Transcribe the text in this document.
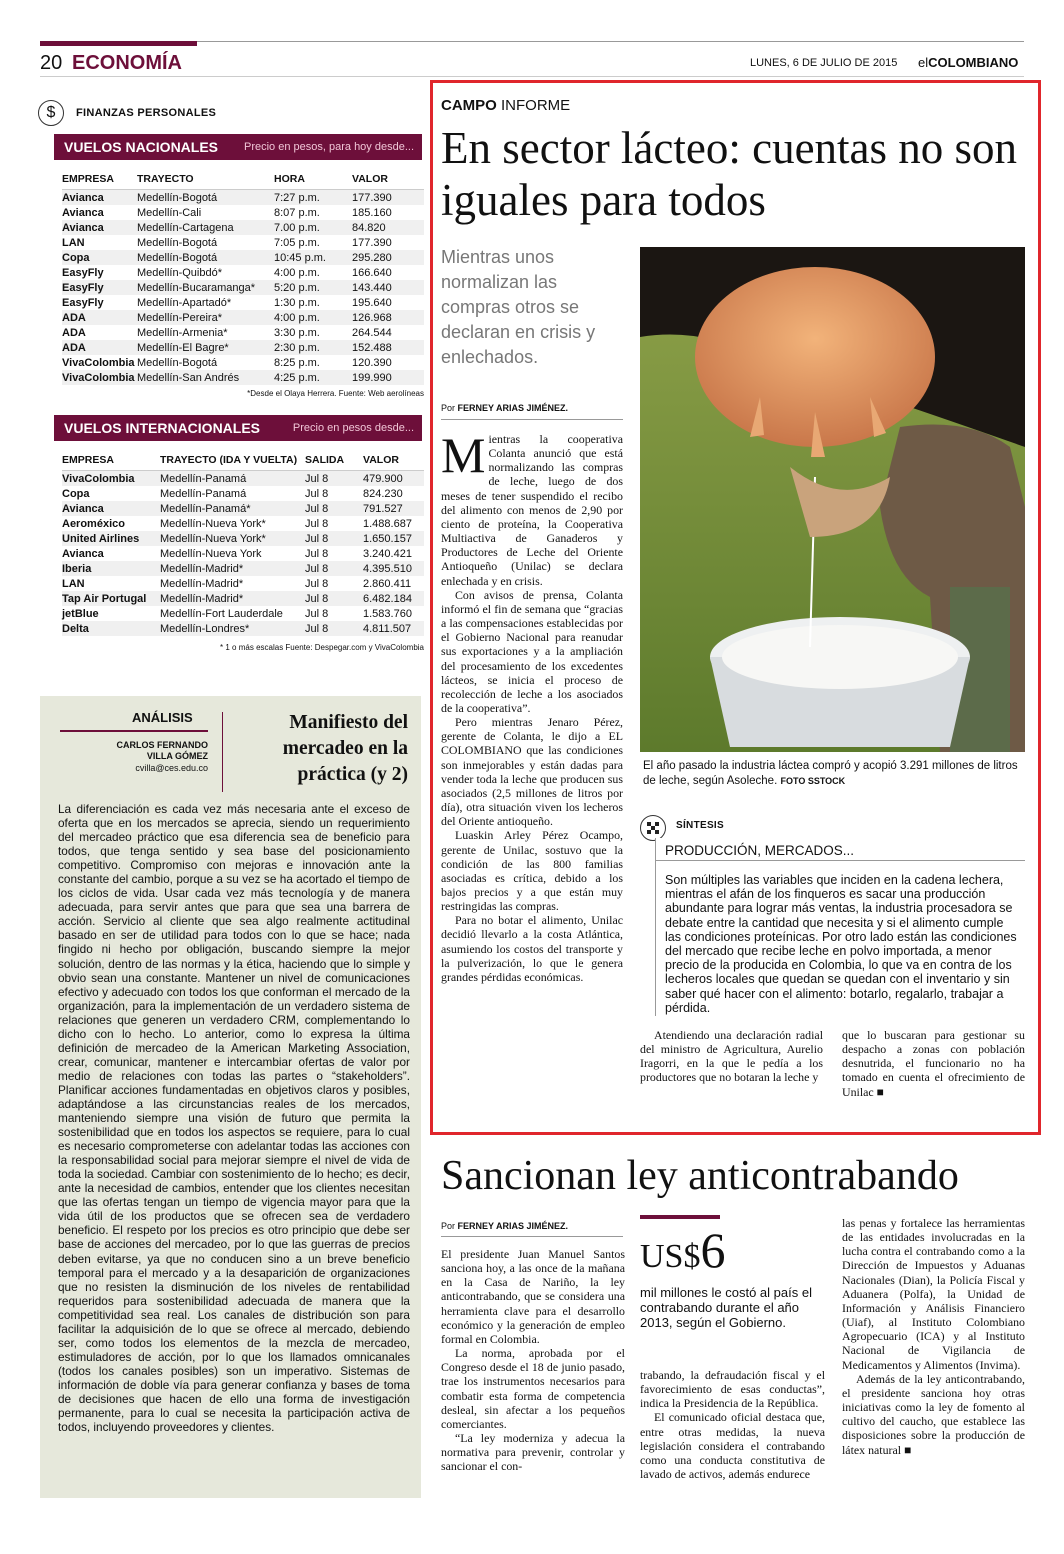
20 ECONOMÍA	LUNES, 6 DE JULIO DE 2015 elCOLOMBIANO
$	FINANZAS PERSONALES
VUELOS NACIONALES Precio en pesos, para hoy desde...
EMPRESA	TRAYECTO	HORA	VALOR
Avianca	Medellín-Bogotá	7:27 p.m.	177.390
Avianca	Medellín-Cali	8:07 p.m.	185.160
Avianca	Medellín-Cartagena	7.00 p.m.	84.820
LAN	Medellín-Bogotá	7:05 p.m.	177.390
Copa	Medellín-Bogotá	10:45 p.m.	295.280
EasyFly	Medellín-Quibdó*	4:00 p.m.	166.640
EasyFly	Medellín-Bucaramanga*	5:20 p.m.	143.440
EasyFly	Medellín-Apartadó*	1:30 p.m.	195.640
ADA	Medellín-Pereira*	4:00 p.m.	126.968
ADA	Medellín-Armenia*	3:30 p.m.	264.544
ADA	Medellín-El Bagre*	2:30 p.m.	152.488
VivaColombia	Medellín-Bogotá	8:25 p.m.	120.390
VivaColombia	Medellín-San Andrés	4:25 p.m.	199.990
*Desde el Olaya Herrera. Fuente: Web aerolíneas
VUELOS INTERNACIONALES	Precio en pesos desde...
EMPRESA	TRAYECTO (IDA Y VUELTA)	SALIDA	VALOR
VivaColombia	Medellín-Panamá	Jul 8	479.900
Copa	Medellín-Panamá	Jul 8	824.230
Avianca	Medellín-Panamá*	Jul 8	791.527
Aeroméxico	Medellín-Nueva York*	Jul 8	1.488.687
United Airlines	Medellín-Nueva York*	Jul 8	1.650.157
Avianca	Medellín-Nueva York	Jul 8	3.240.421
Iberia	Medellín-Madrid*	Jul 8	4.395.510
LAN	Medellín-Madrid*	Jul 8	2.860.411
Tap Air Portugal	Medellín-Madrid*	Jul 8	6.482.184
jetBlue	Medellín-Fort Lauderdale	Jul 8	1.583.760
Delta	Medellín-Londres*	Jul 8	4.811.507
* 1 o más escalas Fuente: Despegar.com y VivaColombia
ANÁLISIS
CARLOS FERNANDO VILLA GÓMEZ
cvilla@ces.edu.co
Manifiesto del mercadeo en la práctica (y 2)
La diferenciación es cada vez más necesaria ante el exceso de oferta que en los mercados se aprecia, siendo un requerimiento del mercadeo práctico que esa diferencia sea de beneficio para todos, que tenga sentido y sea base del posicionamiento competitivo. Compromiso con mejoras e innovación ante la constante del cambio, porque a su vez se ha acortado el tiempo de los ciclos de vida. Usar cada vez más tecnología y de manera adecuada, para servir antes que para que sea una barrera de acción. Servicio al cliente que sea algo realmente actitudinal basado en ser de utilidad para todos con lo que se hace; nada fingido ni hecho por obligación, buscando siempre la mejor solución, dentro de las normas y la ética, haciendo que lo simple y obvio sean una constante. Mantener un nivel de comunicaciones efectivo y adecuado con todos los que conforman el mercado de la organización, para la implementación de un verdadero sistema de relaciones que generen un verdadero CRM, complementando lo dicho con lo hecho. Lo anterior, como lo expresa la última definición de mercadeo de la American Marketing Association, crear, comunicar, mantener e intercambiar ofertas de valor por medio de relaciones con todas las partes o “stakeholders”. Planificar acciones fundamentadas en objetivos claros y posibles, adaptándose a las circunstancias reales de los mercados, manteniendo siempre una visión de futuro que permita la sostenibilidad que en todos los aspectos se requiere, para lo cual es necesario comprometerse con adelantar todas las acciones con la responsabilidad social para mejorar siempre el nivel de vida de toda la sociedad. Cambiar con sostenimiento de lo hecho; es decir, ante la necesidad de cambios, entender que los clientes necesitan que las ofertas tengan un tiempo de vigencia mayor para que la vida útil de los productos que se ofrecen sea de verdadero beneficio. El respeto por los precios es otro principio que debe ser base de acciones del mercadeo, por lo que las guerras de precios deben evitarse, ya que no conducen sino a un breve beneficio temporal para el mercado y a la desaparición de organizaciones que no resisten la disminución de los niveles de rentabilidad requeridos para sostenibilidad adecuada de manera que la competitividad sea real. Los canales de distribución son para facilitar la adquisición de lo que se ofrece al mercado, debiendo ser, como todos los elementos de la mezcla de mercadeo, estimuladores de acción, por lo que los llamados omnicanales (todos los canales posibles) son un imperativo. Sistemas de información de doble vía para generar confianza y bases de toma de decisiones que hacen de ello una forma de investigación permanente, para lo cual se necesita la participación activa de todos, incluyendo proveedores y clientes.
CAMPO INFORME
En sector lácteo: cuentas no son iguales para todos
Mientras unos normalizan las compras otros se declaran en crisis y enlechados.
Por FERNEY ARIAS JIMÉNEZ.
El año pasado la industria láctea compró y acopió 3.291 millones de litros de leche, según Asoleche. FOTO SSTOCK
Mientras la cooperativa Colanta anunció que está normalizando las compras de leche, luego de dos meses de tener suspendido el recibo del alimento con menos de 2,90 por ciento de proteína, la Cooperativa Multiactiva de Ganaderos y Productores de Leche del Oriente Antioqueño (Unilac) se declara enlechada y en crisis.
Con avisos de prensa, Colanta informó el fin de semana que “gracias a las compensaciones establecidas por el Gobierno Nacional para reanudar sus exportaciones y a la ampliación del procesamiento de los excedentes lácteos, se inicia el proceso de recolección de leche a los asociados de la cooperativa”.
Pero mientras Jenaro Pérez, gerente de Colanta, le dijo a EL COLOMBIANO que las condiciones son inmejorables y están dadas para vender toda la leche que producen sus asociados (2,5 millones de litros por día), otra situación viven los lecheros del Oriente antioqueño.
Luaskin Arley Pérez Ocampo, gerente de Unilac, sostuvo que la condición de las 800 familias asociadas es crítica, debido a los bajos precios y a que están muy restringidas las compras.
Para no botar el alimento, Unilac decidió llevarlo a la costa Atlántica, asumiendo los costos del transporte y la pulverización, lo que le genera grandes pérdidas económicas.
SÍNTESIS
PRODUCCIÓN, MERCADOS...
Son múltiples las variables que inciden en la cadena lechera, mientras el afán de los finqueros es sacar una producción abundante para lograr más ventas, la industria procesadora se debate entre la cantidad que necesita y si el alimento cumple las condiciones proteínicas. Por otro lado están las condiciones del mercado que recibe leche en polvo importada, a menor precio de la producida en Colombia, lo que va en contra de los lecheros locales que quedan se quedan con el inventario y sin saber qué hacer con el alimento: botarlo, regalarlo, trabajar a pérdida.
Atendiendo una declaración radial del ministro de Agricultura, Aurelio Iragorri, en la que le pedía a los productores que no botaran la leche y
que lo buscaran para gestionar su despacho a zonas con población desnutrida, el funcionario no ha tomado en cuenta el ofrecimiento de Unilac ■
Sancionan ley anticontrabando
Por FERNEY ARIAS JIMÉNEZ.
El presidente Juan Manuel Santos sanciona hoy, a las once de la mañana en la Casa de Nariño, la ley anticontrabando, que se considera una herramienta clave para el desarrollo económico y la generación de empleo formal en Colombia.
La norma, aprobada por el Congreso desde el 18 de junio pasado, trae los instrumentos necesarios para combatir esta forma de competencia desleal, sin afectar a los pequeños comerciantes.
“La ley moderniza y adecua la normativa para prevenir, controlar y sancionar el con-
US$6
mil millones le costó al país el contrabando durante el año 2013, según el Gobierno.
trabando, la defraudación fiscal y el favorecimiento de esas conductas”, indica la Presidencia de la República.
El comunicado oficial destaca que, entre otras medidas, la nueva legislación considera el contrabando como una conducta constitutiva de lavado de activos, además endurece
las penas y fortalece las herramientas de las entidades involucradas en la lucha contra el contrabando como a la Dirección de Impuestos y Aduanas Nacionales (Dian), la Policía Fiscal y Aduanera (Polfa), la Unidad de Información y Análisis Financiero (Uiaf), al Instituto Colombiano Agropecuario (ICA) y al Instituto Nacional de Vigilancia de Medicamentos y Alimentos (Invima).
Además de la ley anticontrabando, el presidente sanciona hoy otras iniciativas como la ley de fomento al cultivo del caucho, que establece las disposiciones sobre la producción de látex natural ■
